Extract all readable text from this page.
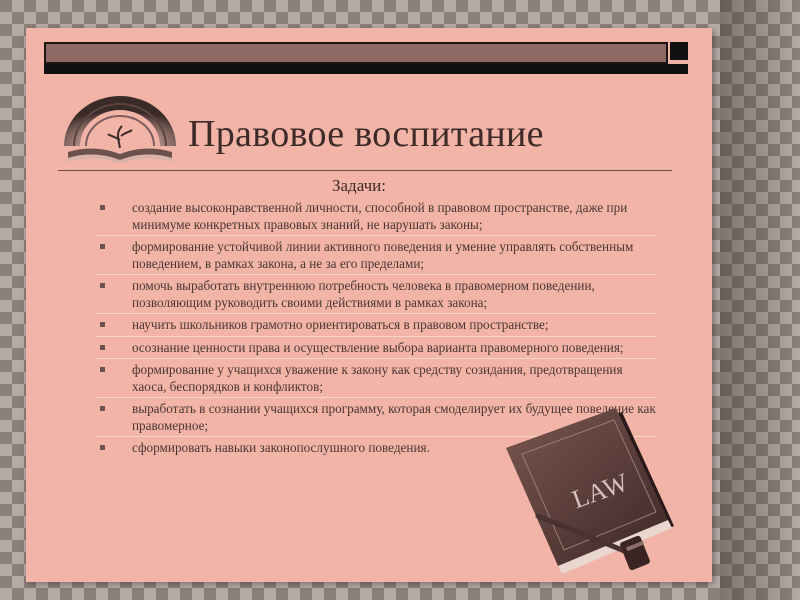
Правовое воспитание
Задачи:
создание высоконравственной личности, способной в правовом пространстве, даже при минимуме конкретных правовых знаний, не нарушать законы;
формирование устойчивой линии активного поведения и умение управлять собственным поведением, в рамках закона, а не за его пределами;
помочь выработать внутреннюю потребность человека в правомерном поведении, позволяющим руководить своими действиями в рамках закона;
научить школьников грамотно ориентироваться в правовом пространстве;
осознание ценности права и осуществление выбора варианта правомерного поведения;
формирование у учащихся уважение к закону как средству созидания, предотвращения хаоса, беспорядков и конфликтов;
выработать в сознании учащихся программу, которая смоделирует их будущее поведение как правомерное;
сформировать навыки законопослушного поведения.
LAW
